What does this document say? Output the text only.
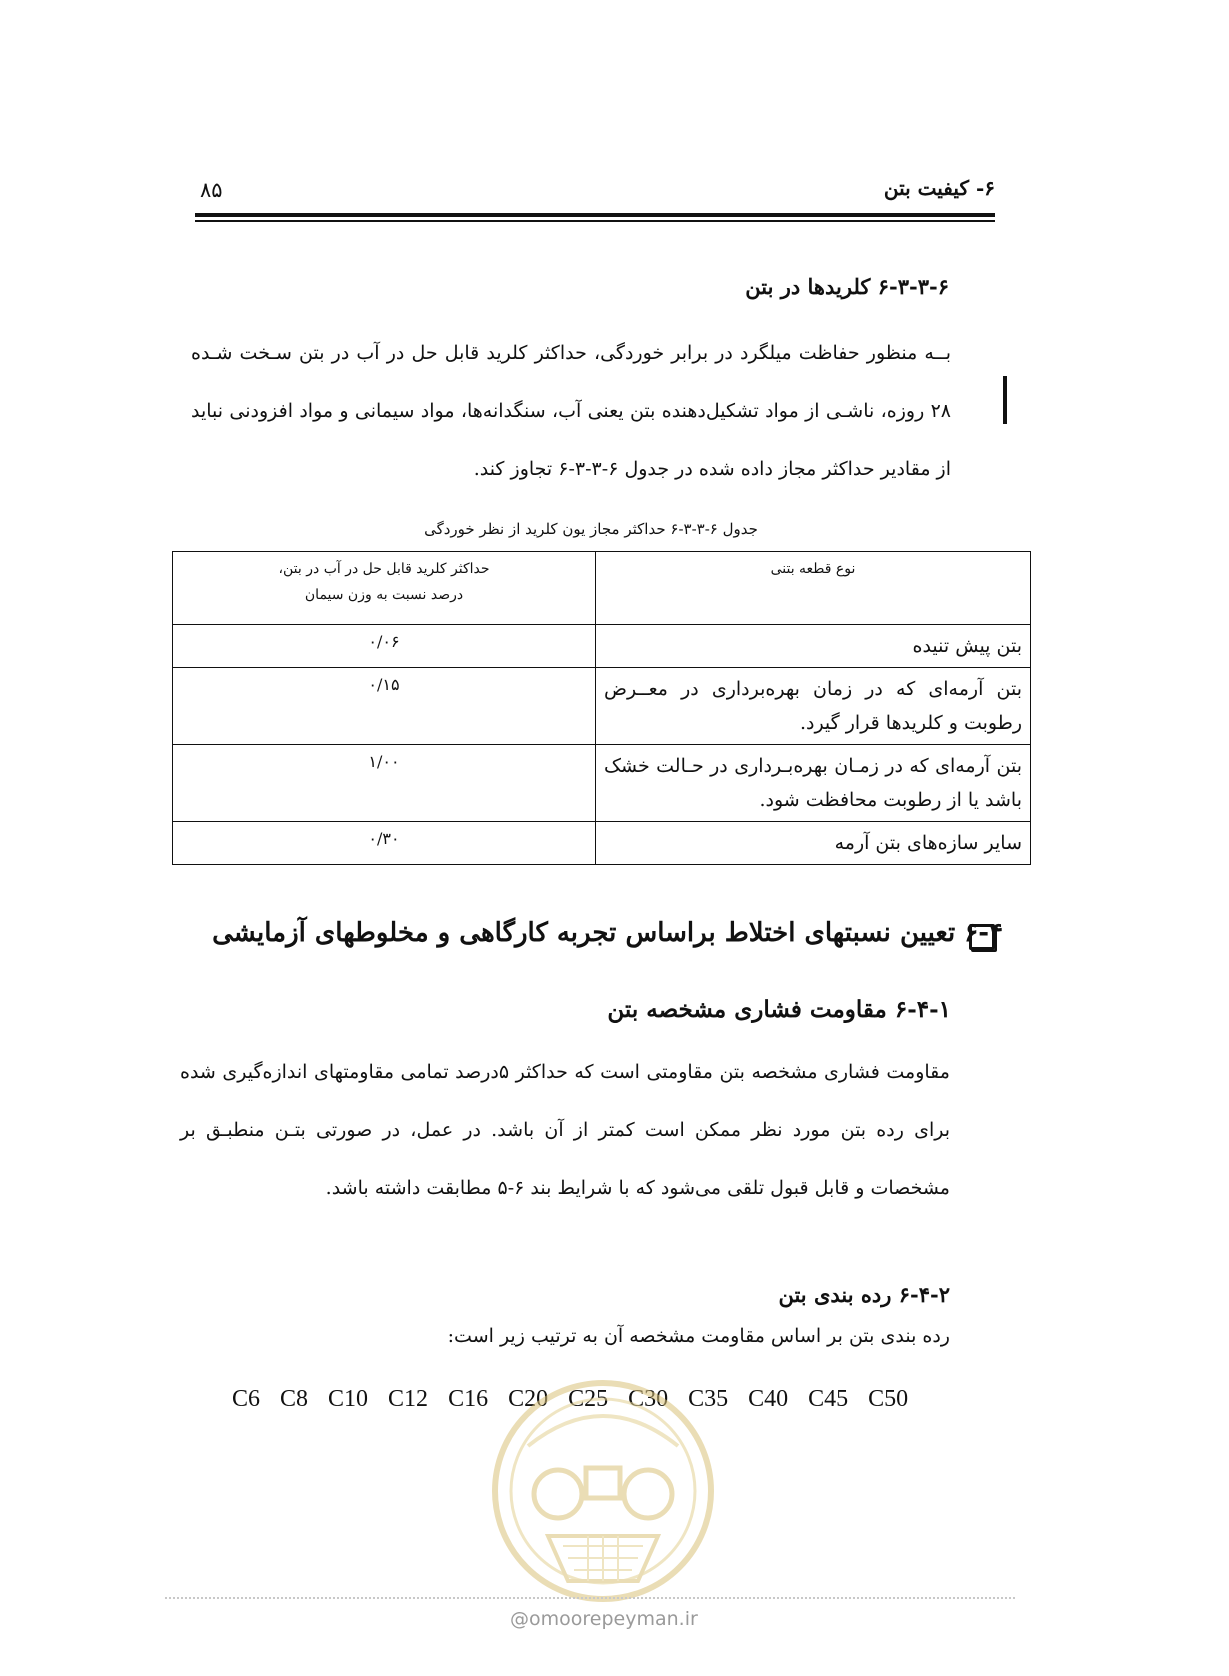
۶- کیفیت بتن
۸۵
۶-۳-۳-۶ کلریدها در بتن
بــه منظور حفاظت میلگرد در برابر خوردگی، حداکثر کلرید قابل حل در آب در بتن سـخت شـده ۲۸ روزه، ناشـی از مواد تشکیل‌دهنده بتن یعنی آب، سنگدانه‌ها، مواد سیمانی و مواد افزودنی نباید از مقادیر حداکثر مجاز داده شده در جدول ۶-۳-۳-۶ تجاوز کند.
جدول ۶-۳-۳-۶ حداکثر مجاز یون کلرید از نظر خوردگی
نوع قطعه بتنی	حداکثر کلرید قابل حل در آب در بتن،
درصد نسبت به وزن سیمان

بتن پیش تنیده	۰/۰۶
بتن آرمه‌ای که در زمان بهره‌برداری در معــرض رطوبت و کلریدها قرار گیرد.	۰/۱۵
بتن آرمه‌ای که در زمـان بهره‌بـرداری در حـالت خشک باشد یا از رطوبت محافظت شود.	۱/۰۰
سایر سازه‌های بتن آرمه	۰/۳۰
۶-۴ تعیین نسبتهای اختلاط براساس تجربه کارگاهی و مخلوطهای آزمایشی
۶-۴-۱ مقاومت فشاری مشخصه بتن
مقاومت فشاری مشخصه بتن مقاومتی است که حداکثر ۵درصد تمامی مقاومتهای اندازه‌گیری شده برای رده بتن مورد نظر ممکن است کمتر از آن باشد. در عمل، در صورتی بتـن منطبـق بر مشخصات و قابل قبول تلقی می‌شود که با شرایط بند ۶-۵ مطابقت داشته باشد.
۶-۴-۲ رده بندی بتن
رده بندی بتن بر اساس مقاومت مشخصه آن به ترتیب زیر است:
C6 C8 C10 C12 C16 C20 C25 C30 C35 C40 C45 C50
@omoorepeyman.ir
